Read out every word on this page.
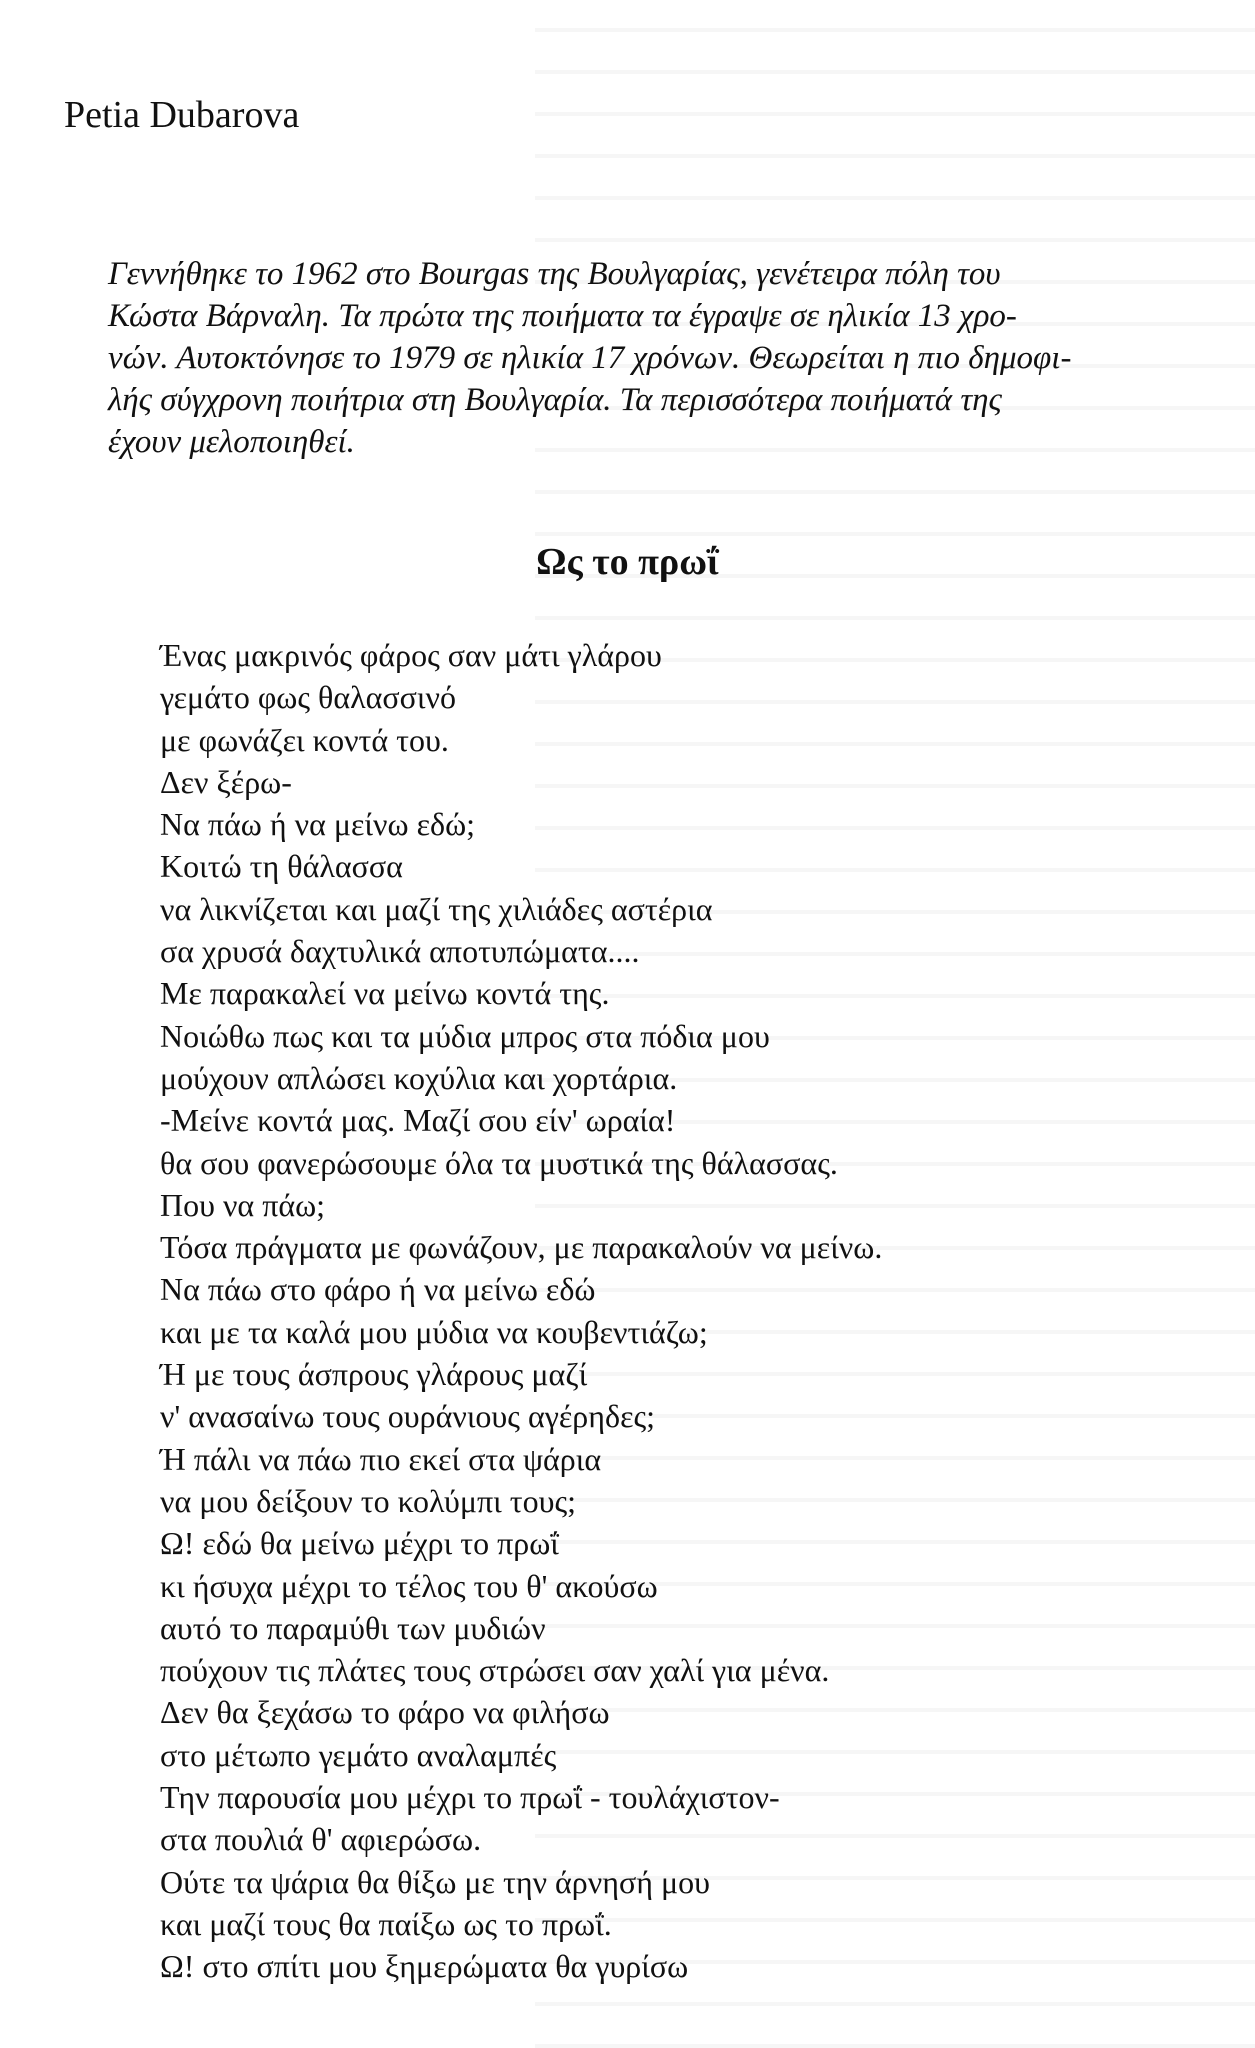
Petia Dubarova

Γεννήθηκε το 1962 στο Bourgas της Βουλγαρίας, γενέτειρα πόλη του
Κώστα Βάρναλη. Τα πρώτα της ποιήματα τα έγραψε σε ηλικία 13 χρο-
νών. Αυτοκτόνησε το 1979 σε ηλικία 17 χρόνων. Θεωρείται η πιο δημοφι-
λής σύγχρονη ποιήτρια στη Βουλγαρία. Τα περισσότερα ποιήματά της
έχουν μελοποιηθεί.

Ως το πρωΐ
Ένας μακρινός φάρος σαν μάτι γλάρου
γεμάτο φως θαλασσινό
με φωνάζει κοντά του.
Δεν ξέρω-
Να πάω ή να μείνω εδώ;
Κοιτώ τη θάλασσα
να λικνίζεται και μαζί της χιλιάδες αστέρια
σα χρυσά δαχτυλικά αποτυπώματα....
Με παρακαλεί να μείνω κοντά της.
Νοιώθω πως και τα μύδια μπρος στα πόδια μου
μούχουν απλώσει κοχύλια και χορτάρια.
-Μείνε κοντά μας. Μαζί σου είν' ωραία!
θα σου φανερώσουμε όλα τα μυστικά της θάλασσας.
Που να πάω;
Τόσα πράγματα με φωνάζουν, με παρακαλούν να μείνω.
Να πάω στο φάρο ή να μείνω εδώ
και με τα καλά μου μύδια να κουβεντιάζω;
Ή με τους άσπρους γλάρους μαζί
ν' ανασαίνω τους ουράνιους αγέρηδες;
Ή πάλι να πάω πιο εκεί στα ψάρια
να μου δείξουν το κολύμπι τους;
Ω! εδώ θα μείνω μέχρι το πρωΐ
κι ήσυχα μέχρι το τέλος του θ' ακούσω
αυτό το παραμύθι των μυδιών
πούχουν τις πλάτες τους στρώσει σαν χαλί για μένα.
Δεν θα ξεχάσω το φάρο να φιλήσω
στο μέτωπο γεμάτο αναλαμπές
Την παρουσία μου μέχρι το πρωΐ - τουλάχιστον-
στα πουλιά θ' αφιερώσω.
Ούτε τα ψάρια θα θίξω με την άρνησή μου
και μαζί τους θα παίξω ως το πρωΐ.
Ω! στο σπίτι μου ξημερώματα θα γυρίσω
